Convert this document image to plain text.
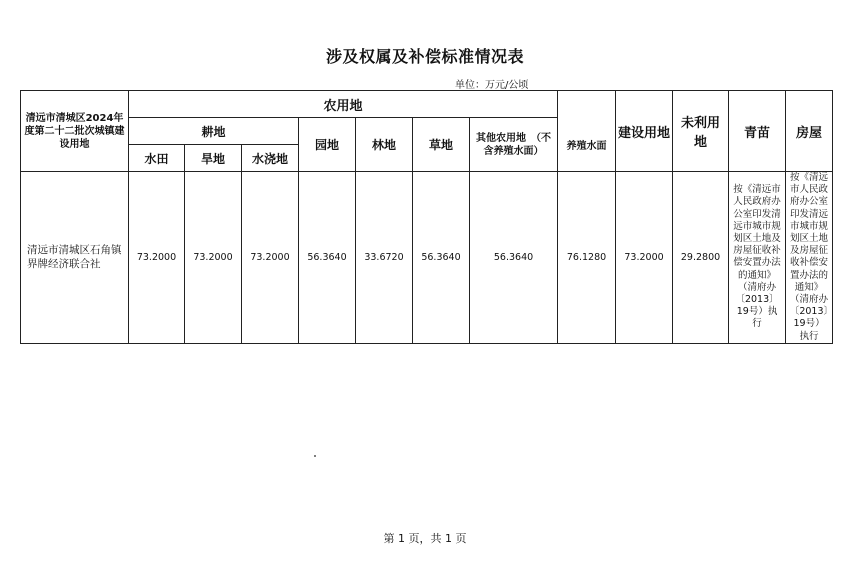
涉及权属及补偿标准情况表
单位：万元/公顷
清远市清城区2024年度第二十二批次城镇建设用地	农用地							养殖水面	建设用地	未利用地	青苗	房屋
	耕地			园地	林地	草地	其他农用地　（不含养殖水面）					
	水田	旱地	水浇地									
清远市清城区石角镇界牌经济联合社	73.2000	73.2000	73.2000	56.3640	33.6720	56.3640	56.3640	76.1280	73.2000	29.2800	按《清远市人民政府办公室印发清远市城市规划区土地及房屋征收补偿安置办法的通知》（清府办〔2013〕19号）执行	按《清远市人民政府办公室印发清远市城市规划区土地及房屋征收补偿安置办法的通知》（清府办〔2013〕19号）执行
第 1 页，共 1 页
